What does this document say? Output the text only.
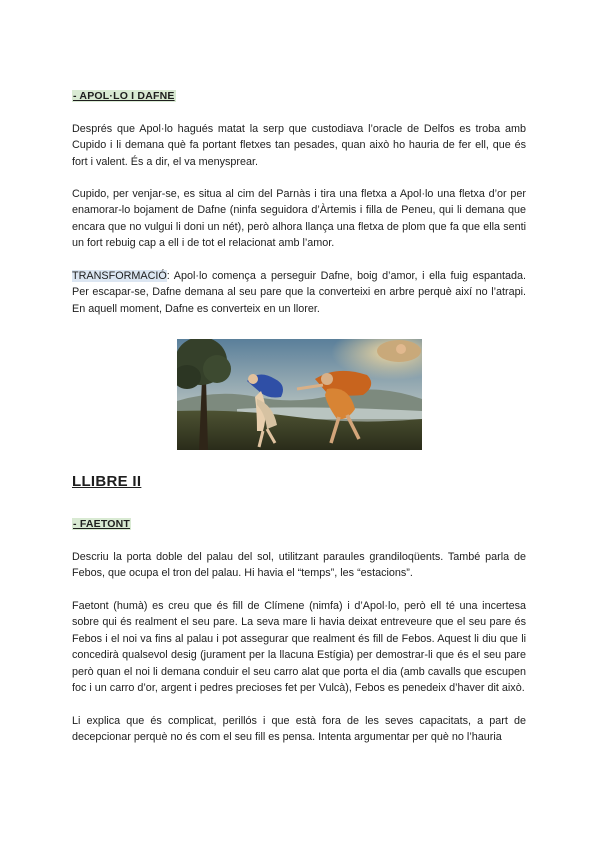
- APOL·LO I DAFNE

Després que Apol·lo hagués matat la serp que custodiava l’oracle de Delfos es troba amb Cupido i li demana què fa portant fletxes tan pesades, quan això ho hauria de fer ell, que és fort i valent. És a dir, el va menysprear.

Cupido, per venjar-se, es situa al cim del Parnàs i tira una fletxa a Apol·lo una fletxa d’or per enamorar-lo bojament de Dafne (ninfa seguidora d’Àrtemis i filla de Peneu, qui li demana que encara que no vulgui li doni un nét), però alhora llança una fletxa de plom que fa que ella senti un fort rebuig cap a ell i de tot el relacionat amb l’amor.

TRANSFORMACIÓ: Apol·lo comença a perseguir Dafne, boig d’amor, i ella fuig espantada. Per escapar-se, Dafne demana al seu pare que la converteixi en arbre perquè així no l’atrapi. En aquell moment, Dafne es converteix en un llorer.

LLIBRE II
- FAETONT

Descriu la porta doble del palau del sol, utilitzant paraules grandiloqüents. També parla de Febos, que ocupa el tron del palau. Hi havia el “temps”, les “estacions”.

Faetont (humà) es creu que és fill de Clímene (nimfa) i d’Apol·lo, però ell té una incertesa sobre qui és realment el seu pare. La seva mare li havia deixat entreveure que el seu pare és Febos i el noi va fins al palau i pot assegurar que realment és fill de Febos. Aquest li diu que li concedirà qualsevol desig (jurament per la llacuna Estígia) per demostrar-li que és el seu pare però quan el noi li demana conduir el seu carro alat que porta el dia (amb cavalls que escupen foc i un carro d’or, argent i pedres precioses fet per Vulcà), Febos es penedeix d’haver dit això.

Li explica que és complicat, perillós i que està fora de les seves capacitats, a part de decepcionar perquè no és com el seu fill es pensa. Intenta argumentar per què no l’hauria
